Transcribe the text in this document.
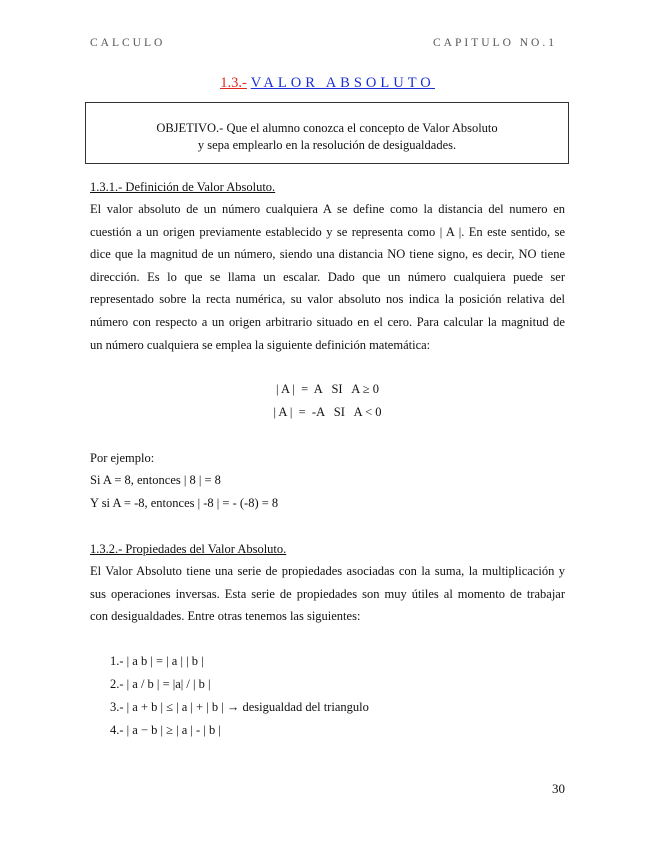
CALCULO	CAPITULO NO.1
1.3.- VALOR ABSOLUTO
OBJETIVO.- Que el alumno conozca el concepto de Valor Absoluto
y sepa emplearlo en la resolución de desigualdades.
1.3.1.- Definición de Valor Absoluto.
El valor absoluto de un número cualquiera A se define como la distancia del numero en
cuestión a un origen previamente establecido y se representa como | A |. En este sentido, se
dice que la magnitud de un número, siendo una distancia NO tiene signo, es decir, NO tiene
dirección. Es lo que se llama un escalar. Dado que un número cualquiera puede ser
representado sobre la recta numérica, su valor absoluto nos indica la posición relativa del
número con respecto a un origen arbitrario situado en el cero. Para calcular la magnitud de
un número cualquiera se emplea la siguiente definición matemática:
| A |  =  A   SI   A ≥ 0
| A |  =  -A   SI   A < 0
Por ejemplo:
Si A = 8, entonces | 8 | = 8
Y si A = -8, entonces | -8 | = - (-8) = 8
1.3.2.- Propiedades del Valor Absoluto.
El Valor Absoluto tiene una serie de propiedades asociadas con la suma, la multiplicación y
sus operaciones inversas. Esta serie de propiedades son muy útiles al momento de trabajar
con desigualdades. Entre otras tenemos las siguientes:
1.- | a b | = | a | | b |
2.- | a / b | = |a| / | b |
3.- | a + b | ≤ | a | + | b | → desigualdad del triangulo
4.- | a − b | ≥ | a | - | b |
30
